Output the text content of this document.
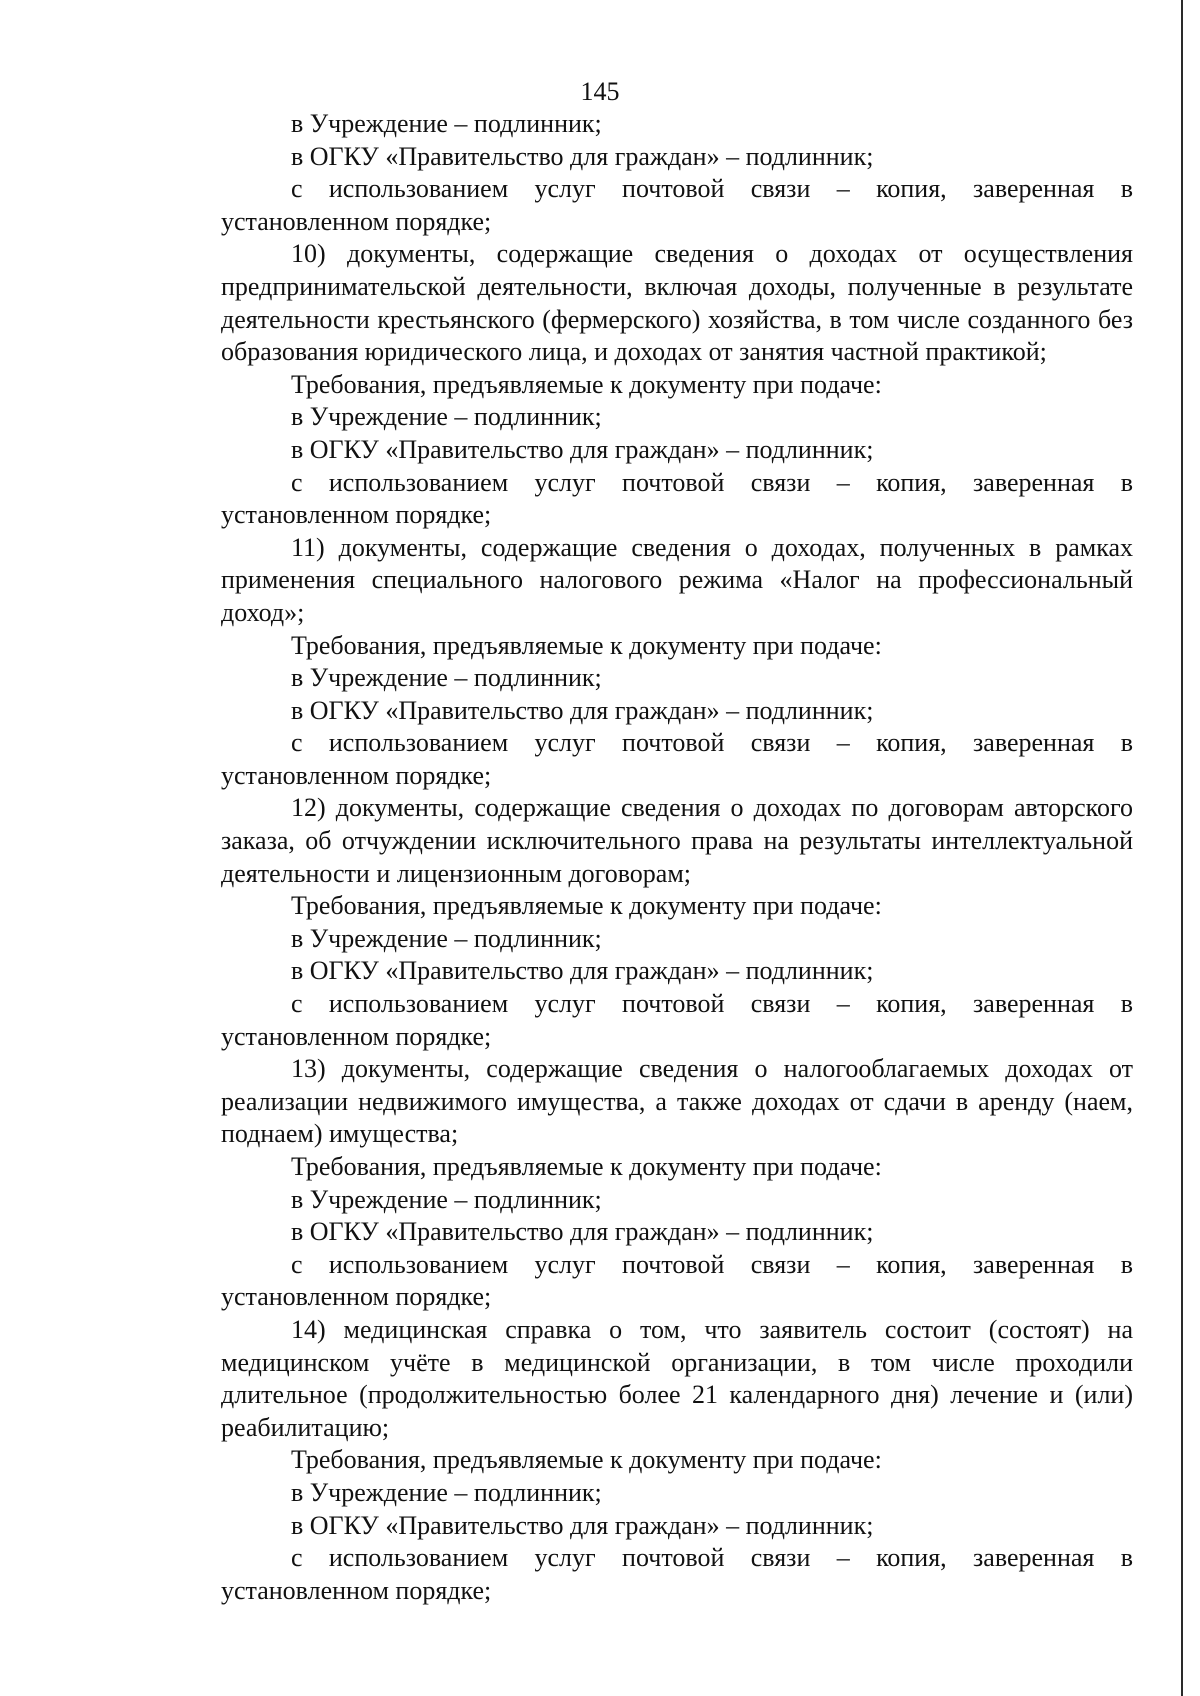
145

в Учреждение – подлинник;

в ОГКУ «Правительство для граждан» – подлинник;

с использованием услуг почтовой связи – копия, заверенная в установленном порядке;

10) документы, содержащие сведения о доходах от осуществления предпринимательской деятельности, включая доходы, полученные в результате деятельности крестьянского (фермерского) хозяйства, в том числе созданного без образования юридического лица, и доходах от занятия частной практикой;

Требования, предъявляемые к документу при подаче:

в Учреждение – подлинник;

в ОГКУ «Правительство для граждан» – подлинник;

с использованием услуг почтовой связи – копия, заверенная в установленном порядке;

11) документы, содержащие сведения о доходах, полученных в рамках применения специального налогового режима «Налог на профессиональный доход»;

Требования, предъявляемые к документу при подаче:

в Учреждение – подлинник;

в ОГКУ «Правительство для граждан» – подлинник;

с использованием услуг почтовой связи – копия, заверенная в установленном порядке;

12) документы, содержащие сведения о доходах по договорам авторского заказа, об отчуждении исключительного права на результаты интеллектуальной деятельности и лицензионным договорам;

Требования, предъявляемые к документу при подаче:

в Учреждение – подлинник;

в ОГКУ «Правительство для граждан» – подлинник;

с использованием услуг почтовой связи – копия, заверенная в установленном порядке;

13) документы, содержащие сведения о налогооблагаемых доходах от реализации недвижимого имущества, а также доходах от сдачи в аренду (наем, поднаем) имущества;

Требования, предъявляемые к документу при подаче:

в Учреждение – подлинник;

в ОГКУ «Правительство для граждан» – подлинник;

с использованием услуг почтовой связи – копия, заверенная в установленном порядке;

14) медицинская справка о том, что заявитель состоит (состоят) на медицинском учёте в медицинской организации, в том числе проходили длительное (продолжительностью более 21 календарного дня) лечение и (или) реабилитацию;

Требования, предъявляемые к документу при подаче:

в Учреждение – подлинник;

в ОГКУ «Правительство для граждан» – подлинник;

с использованием услуг почтовой связи – копия, заверенная в установленном порядке;
